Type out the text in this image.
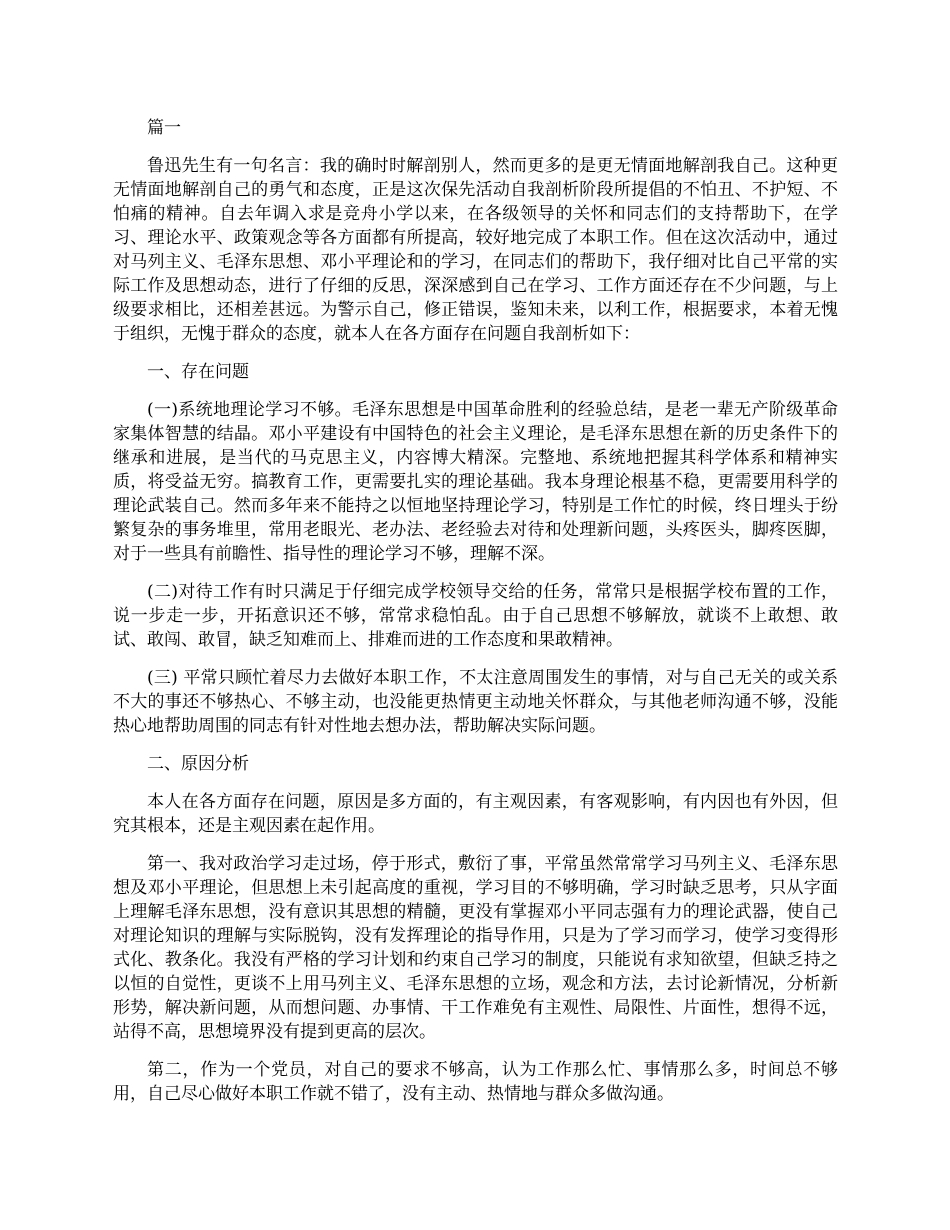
篇一

鲁迅先生有一句名言：我的确时时解剖别人，然而更多的是更无情面地解剖我自己。这种更无情面地解剖自己的勇气和态度，正是这次保先活动自我剖析阶段所提倡的不怕丑、不护短、不怕痛的精神。自去年调入求是竞舟小学以来，在各级领导的关怀和同志们的支持帮助下，在学习、理论水平、政策观念等各方面都有所提高，较好地完成了本职工作。但在这次活动中，通过对马列主义、毛泽东思想、邓小平理论和的学习，在同志们的帮助下，我仔细对比自己平常的实际工作及思想动态，进行了仔细的反思，深深感到自己在学习、工作方面还存在不少问题，与上级要求相比，还相差甚远。为警示自己，修正错误，鉴知未来，以利工作，根据要求，本着无愧于组织，无愧于群众的态度，就本人在各方面存在问题自我剖析如下：

一、存在问题

(一)系统地理论学习不够。毛泽东思想是中国革命胜利的经验总结，是老一辈无产阶级革命家集体智慧的结晶。邓小平建设有中国特色的社会主义理论，是毛泽东思想在新的历史条件下的继承和进展，是当代的马克思主义，内容博大精深。完整地、系统地把握其科学体系和精神实质，将受益无穷。搞教育工作，更需要扎实的理论基础。我本身理论根基不稳，更需要用科学的理论武装自己。然而多年来不能持之以恒地坚持理论学习，特别是工作忙的时候，终日埋头于纷繁复杂的事务堆里，常用老眼光、老办法、老经验去对待和处理新问题，头疼医头，脚疼医脚，对于一些具有前瞻性、指导性的理论学习不够，理解不深。

(二)对待工作有时只满足于仔细完成学校领导交给的任务，常常只是根据学校布置的工作，说一步走一步，开拓意识还不够，常常求稳怕乱。由于自己思想不够解放，就谈不上敢想、敢试、敢闯、敢冒，缺乏知难而上、排难而进的工作态度和果敢精神。

(三) 平常只顾忙着尽力去做好本职工作，不太注意周围发生的事情，对与自己无关的或关系不大的事还不够热心、不够主动，也没能更热情更主动地关怀群众，与其他老师沟通不够，没能热心地帮助周围的同志有针对性地去想办法，帮助解决实际问题。

二、原因分析

本人在各方面存在问题，原因是多方面的，有主观因素，有客观影响，有内因也有外因，但究其根本，还是主观因素在起作用。

第一、我对政治学习走过场，停于形式，敷衍了事，平常虽然常常学习马列主义、毛泽东思想及邓小平理论，但思想上未引起高度的重视，学习目的不够明确，学习时缺乏思考，只从字面上理解毛泽东思想，没有意识其思想的精髓，更没有掌握邓小平同志强有力的理论武器，使自己对理论知识的理解与实际脱钩，没有发挥理论的指导作用，只是为了学习而学习，使学习变得形式化、教条化。我没有严格的学习计划和约束自己学习的制度，只能说有求知欲望，但缺乏持之以恒的自觉性，更谈不上用马列主义、毛泽东思想的立场，观念和方法，去讨论新情况，分析新形势，解决新问题，从而想问题、办事情、干工作难免有主观性、局限性、片面性，想得不远，站得不高，思想境界没有提到更高的层次。

第二，作为一个党员，对自己的要求不够高，认为工作那么忙、事情那么多，时间总不够用，自己尽心做好本职工作就不错了，没有主动、热情地与群众多做沟通。
